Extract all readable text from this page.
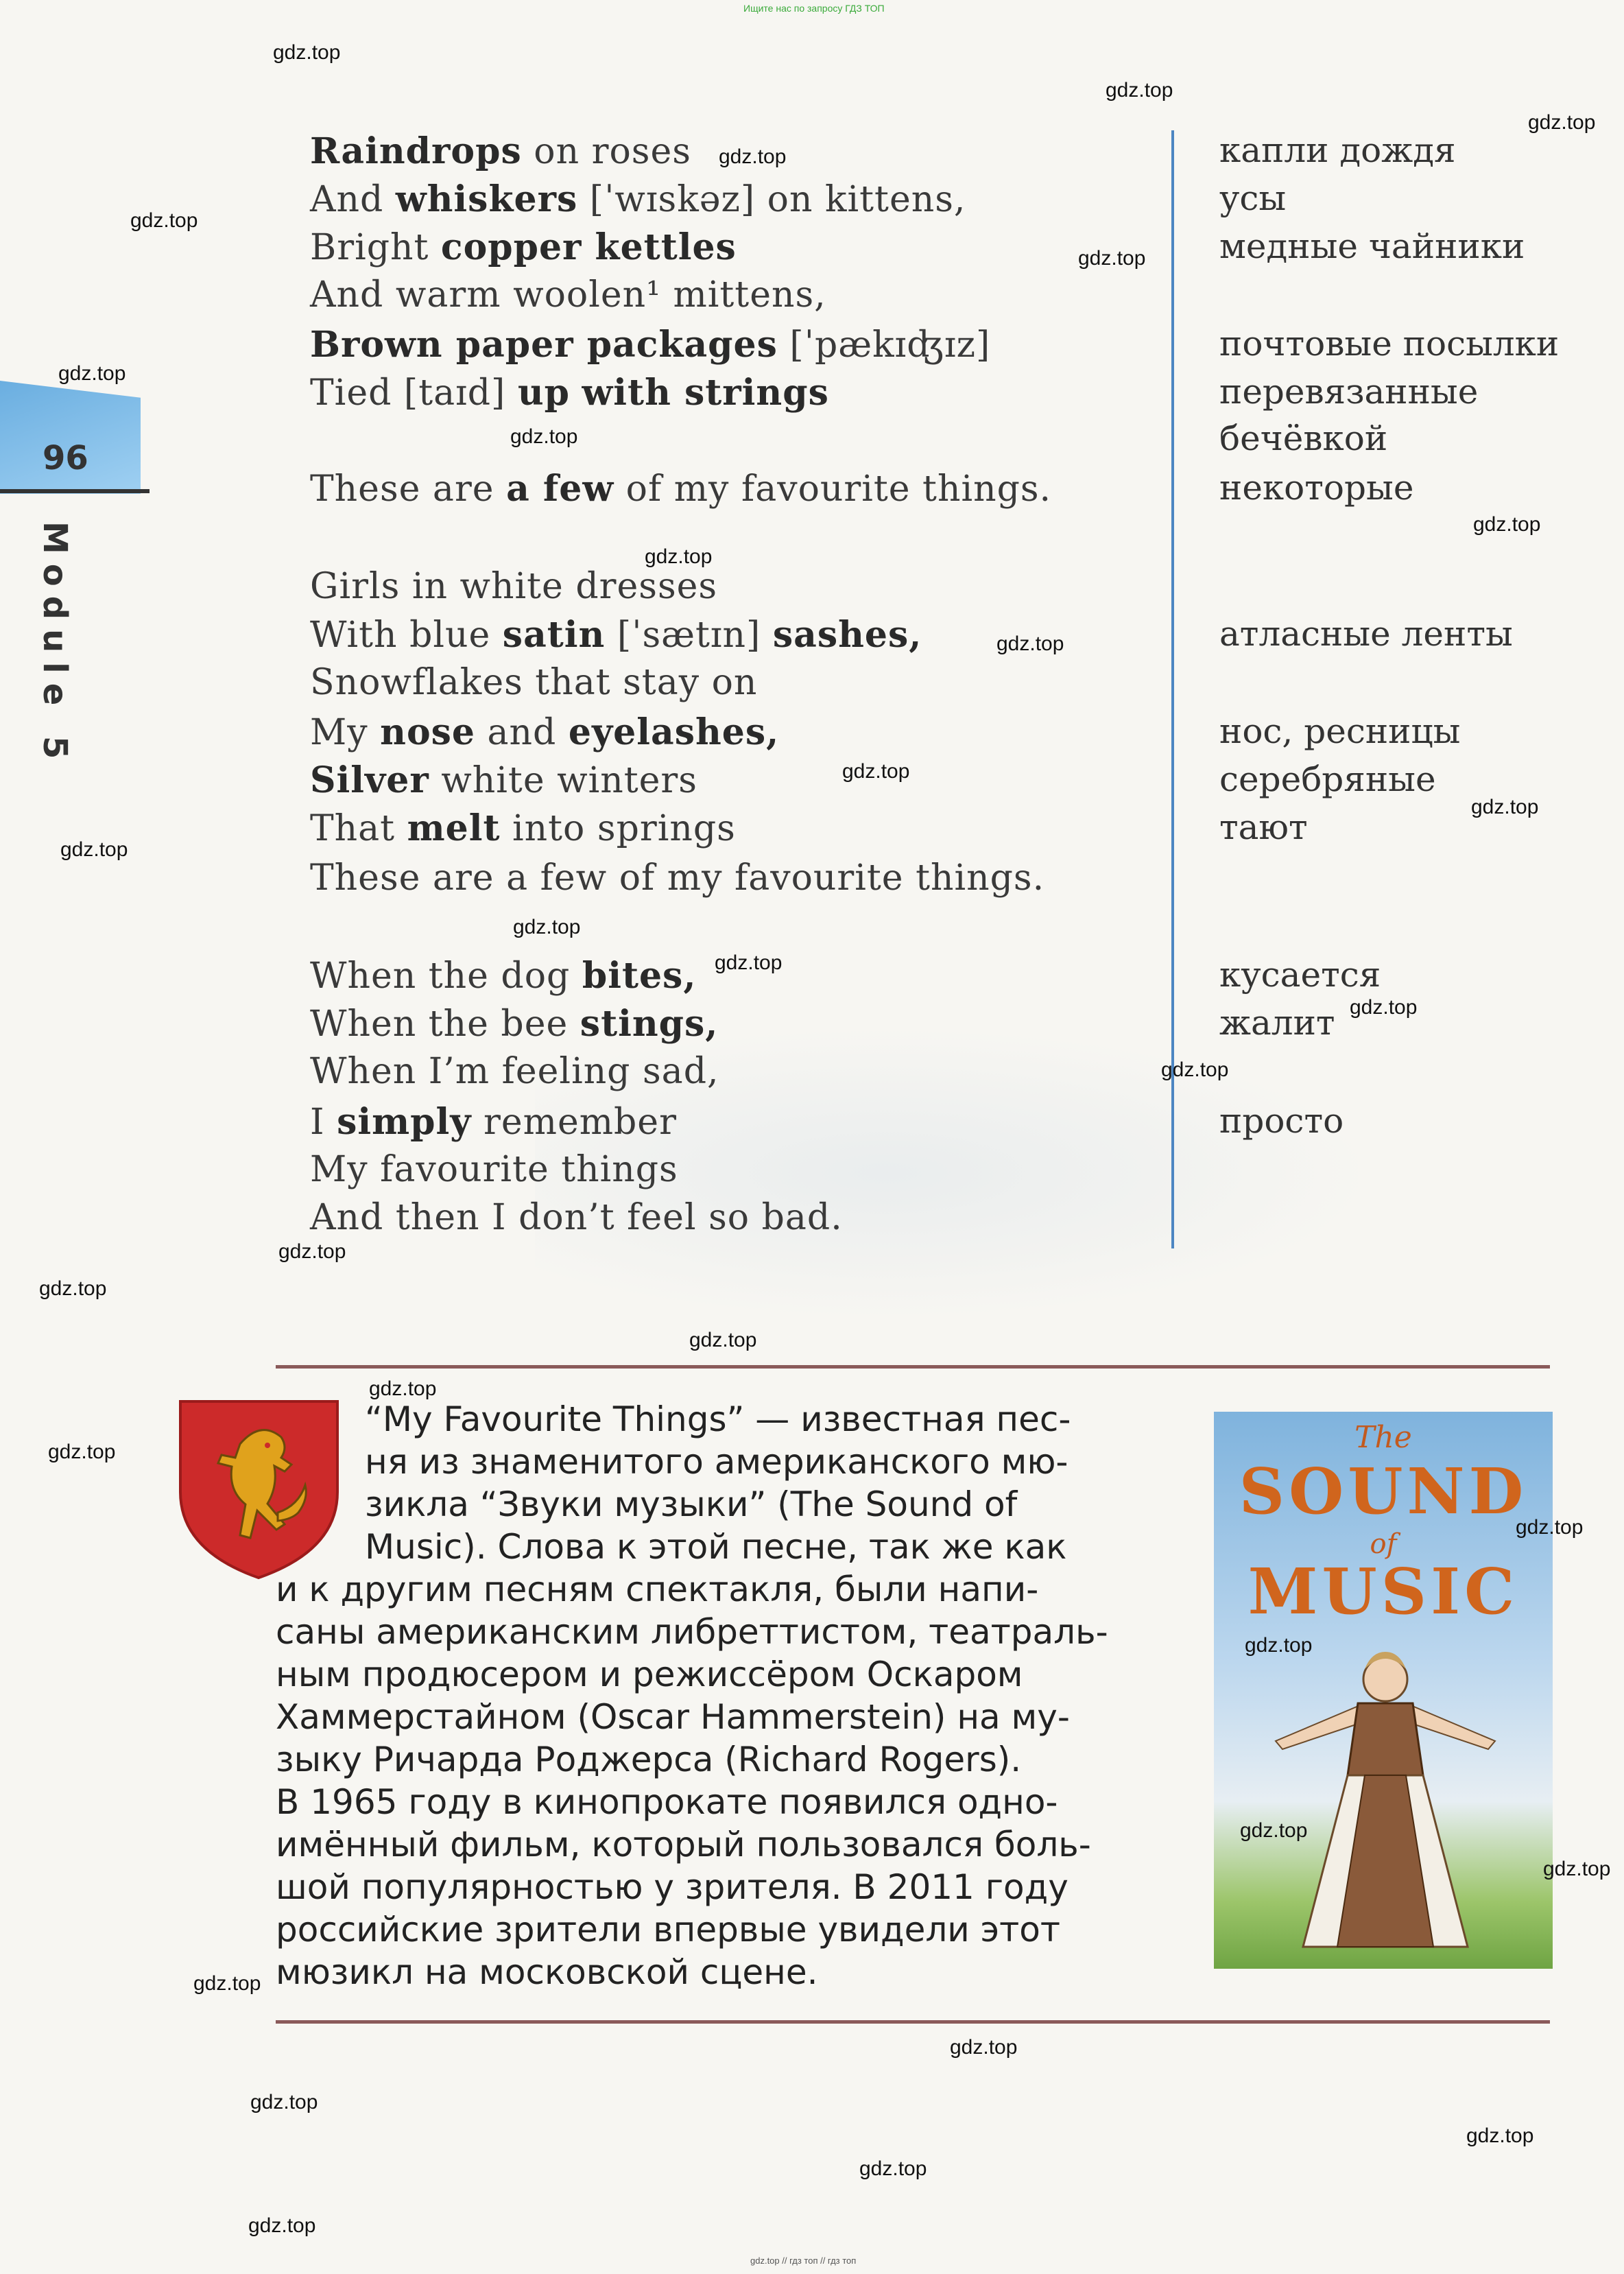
Ищите нас по запросу ГДЗ ТОП
96
Module 5
Raindrops on roses
And whiskers [ˈwɪskəz] on kittens,
Bright copper kettles
And warm woolen¹ mittens,
Brown paper packages [ˈpækɪʤɪz]
Tied [taɪd] up with strings
These are a few of my favourite things.
Girls in white dresses
With blue satin [ˈsætɪn] sashes,
Snowflakes that stay on
My nose and eyelashes,
Silver white winters
That melt into springs
These are a few of my favourite things.
When the dog bites,
When the bee stings,
When I’m feeling sad,
I simply remember
My favourite things
And then I don’t feel so bad.
капли дождя
усы
медные чайники
почтовые посылки
перевязанные
бечёвкой
некоторые
атласные ленты
нос, ресницы
серебряные
тают
кусается
жалит
просто
“My Favourite Things” — известная пес-
ня из знаменитого американского мю-
зикла “Звуки музыки” (The Sound of
Music). Слова к этой песне, так же как
и к другим песням спектакля, были напи-
саны американским либреттистом, театраль-
ным продюсером и режиссёром Оскаром
Хаммерстайном (Oscar Hammerstein) на му-
зыку Ричарда Роджерса (Richard Rogers).
В 1965 году в кинопрокате появился одно-
имённый фильм, который пользовался боль-
шой популярностью у зрителя. В 2011 году
российские зрители впервые увидели этот
мюзикл на московской сцене.
The
SOUND
of
MUSIC
gdz.top
gdz.top
gdz.top
gdz.top
gdz.top
gdz.top
gdz.top
gdz.top
gdz.top
gdz.top
gdz.top
gdz.top
gdz.top
gdz.top
gdz.top
gdz.top
gdz.top
gdz.top
gdz.top
gdz.top
gdz.top
gdz.top
gdz.top
gdz.top
gdz.top
gdz.top
gdz.top
gdz.top
gdz.top
gdz.top
gdz.top
gdz.top
gdz.top
gdz.top // гдз топ // гдз топ
